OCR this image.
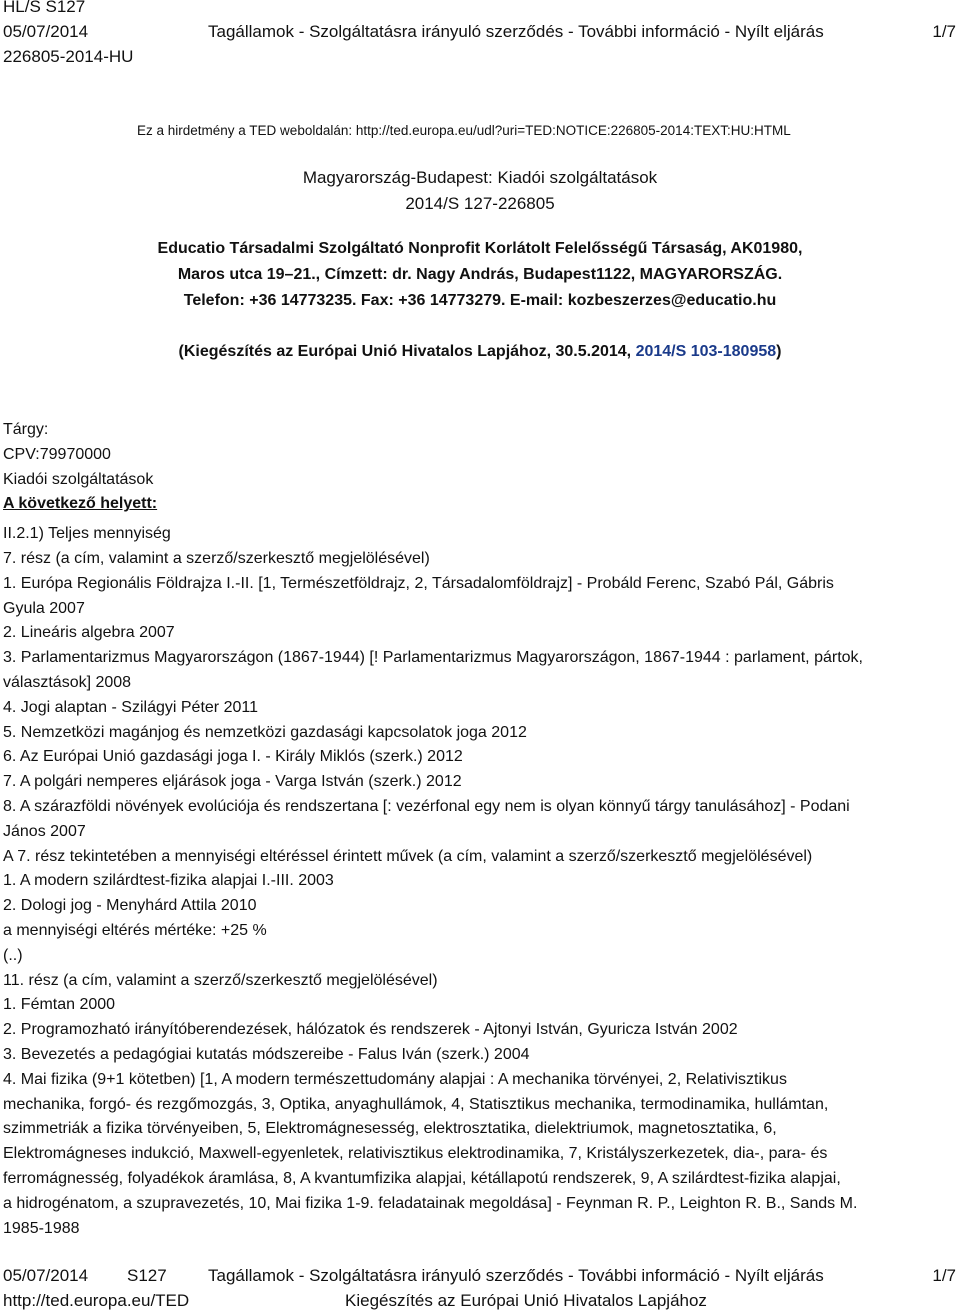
HL/S S127
05/07/2014
226805-2014-HU
Tagállamok - Szolgáltatásra irányuló szerződés - További információ - Nyílt eljárás	1/7
Ez a hirdetmény a TED weboldalán: http://ted.europa.eu/udl?uri=TED:NOTICE:226805-2014:TEXT:HU:HTML
Magyarország-Budapest: Kiadói szolgáltatások
2014/S 127-226805
Educatio Társadalmi Szolgáltató Nonprofit Korlátolt Felelősségű Társaság, AK01980,
Maros utca 19–21., Címzett: dr. Nagy András, Budapest1122, MAGYARORSZÁG.
Telefon: +36 14773235. Fax: +36 14773279. E-mail: kozbeszerzes@educatio.hu
(Kiegészítés az Európai Unió Hivatalos Lapjához, 30.5.2014, 2014/S 103-180958)

Tárgy:

CPV:79970000

Kiadói szolgáltatások

A következő helyett:

II.2.1) Teljes mennyiség

7. rész (a cím, valamint a szerző/szerkesztő megjelölésével)

1. Európa Regionális Földrajza I.-II. [1, Természetföldrajz, 2, Társadalomföldrajz] - Probáld Ferenc, Szabó Pál, Gábris

Gyula 2007

2. Lineáris algebra 2007

3. Parlamentarizmus Magyarországon (1867-1944) [! Parlamentarizmus Magyarországon, 1867-1944 : parlament, pártok,

választások] 2008

4. Jogi alaptan - Szilágyi Péter 2011

5. Nemzetközi magánjog és nemzetközi gazdasági kapcsolatok joga 2012

6. Az Európai Unió gazdasági joga I. - Király Miklós (szerk.) 2012

7. A polgári nemperes eljárások joga - Varga István (szerk.) 2012

8. A szárazföldi növények evolúciója és rendszertana [: vezérfonal egy nem is olyan könnyű tárgy tanulásához] - Podani

János 2007

A 7. rész tekintetében a mennyiségi eltéréssel érintett művek (a cím, valamint a szerző/szerkesztő megjelölésével)

1. A modern szilárdtest-fizika alapjai I.-III. 2003

2. Dologi jog - Menyhárd Attila 2010

a mennyiségi eltérés mértéke: +25 %

(..)

11. rész (a cím, valamint a szerző/szerkesztő megjelölésével)

1. Fémtan 2000

2. Programozható irányítóberendezések, hálózatok és rendszerek - Ajtonyi István, Gyuricza István 2002

3. Bevezetés a pedagógiai kutatás módszereibe - Falus Iván (szerk.) 2004

4. Mai fizika (9+1 kötetben) [1, A modern természettudomány alapjai : A mechanika törvényei, 2, Relativisztikus

mechanika, forgó- és rezgőmozgás, 3, Optika, anyaghullámok, 4, Statisztikus mechanika, termodinamika, hullámtan,

szimmetriák a fizika törvényeiben, 5, Elektromágnesesség, elektrosztatika, dielektriumok, magnetosztatika, 6,

Elektromágneses indukció, Maxwell-egyenletek, relativisztikus elektrodinamika, 7, Kristályszerkezetek, dia-, para- és

ferromágnesség, folyadékok áramlása, 8, A kvantumfizika alapjai, kétállapotú rendszerek, 9, A szilárdtest-fizika alapjai,

a hidrogénatom, a szupravezetés, 10, Mai fizika 1-9. feladatainak megoldása] - Feynman R. P., Leighton R. B., Sands M.

1985-1988

05/07/2014 S127 Tagállamok - Szolgáltatásra irányuló szerződés - További információ - Nyílt eljárás	1/7
http://ted.europa.eu/TED	Kiegészítés az Európai Unió Hivatalos Lapjához
